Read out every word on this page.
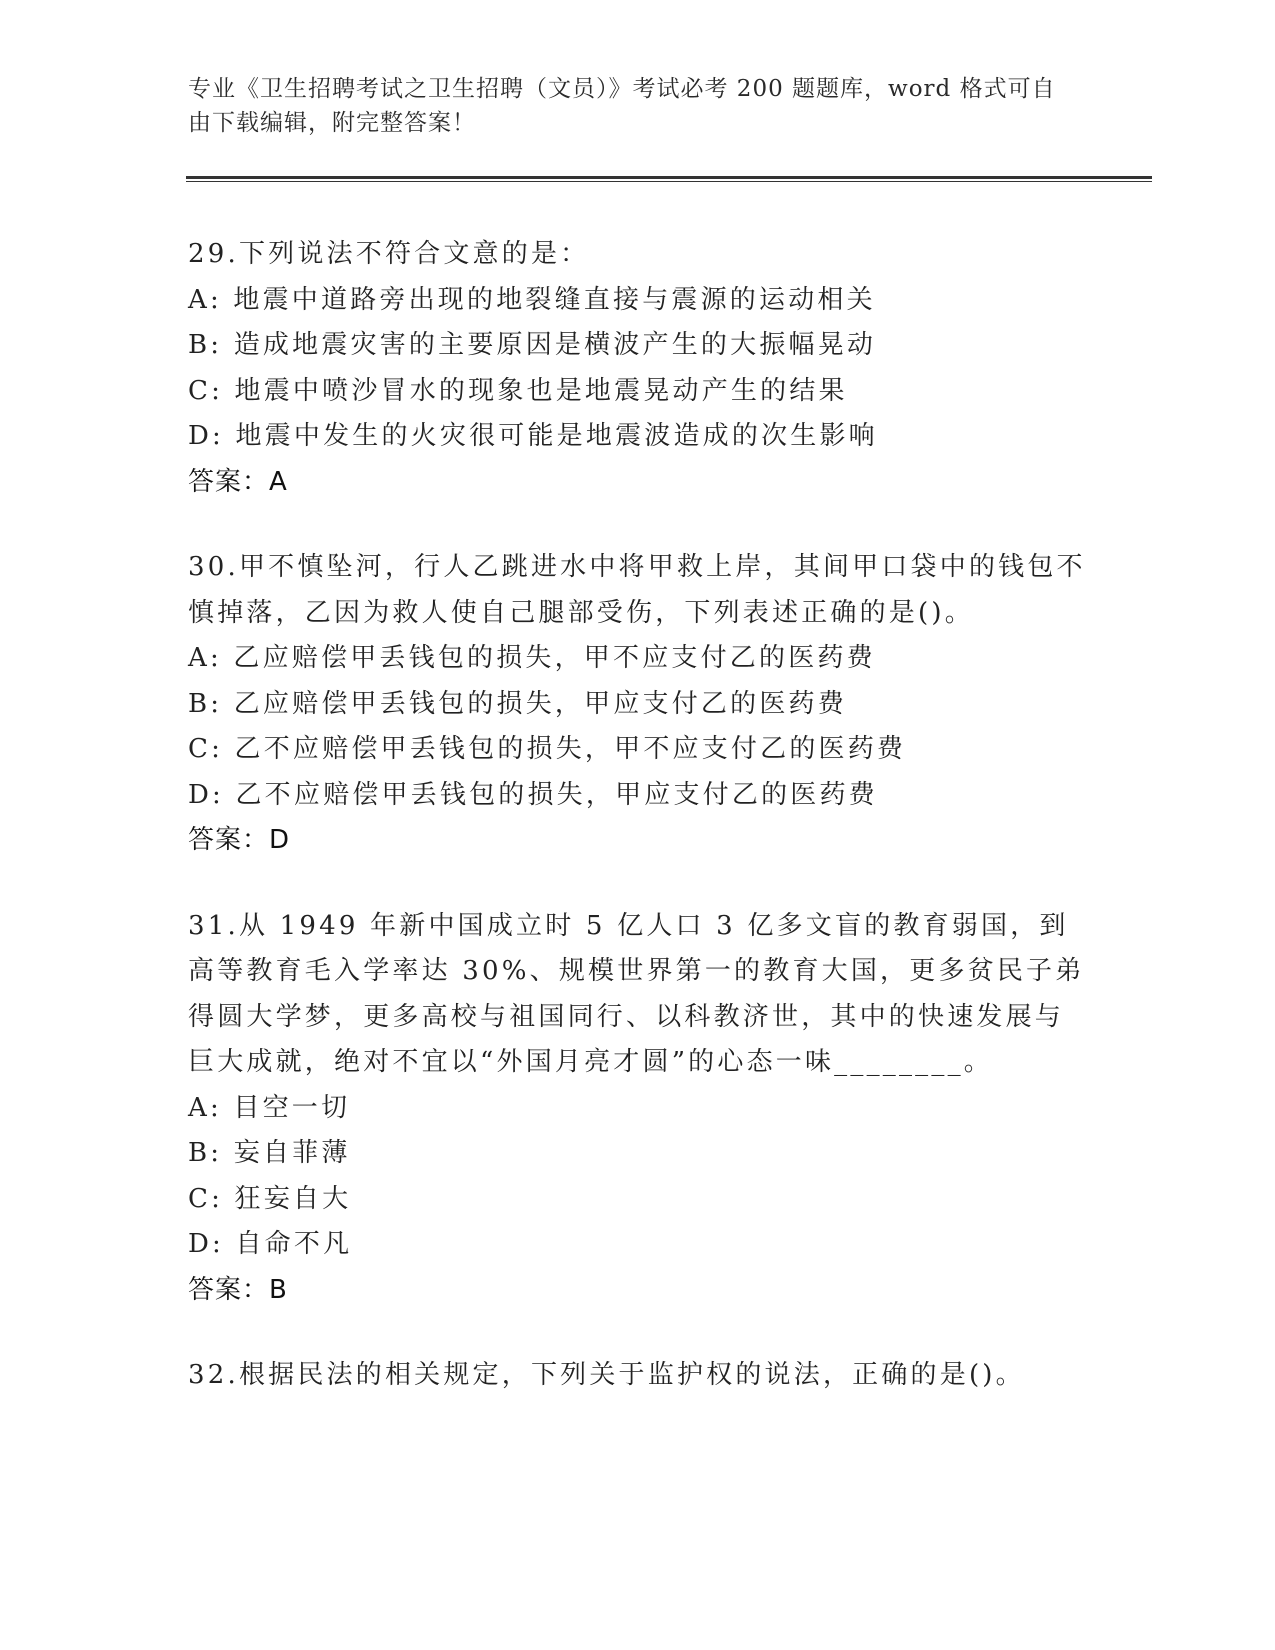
专业《卫生招聘考试之卫生招聘（文员）》考试必考 200 题题库，word 格式可自由下载编辑，附完整答案！
29.下列说法不符合文意的是：
A: 地震中道路旁出现的地裂缝直接与震源的运动相关
B: 造成地震灾害的主要原因是横波产生的大振幅晃动
C: 地震中喷沙冒水的现象也是地震晃动产生的结果
D: 地震中发生的火灾很可能是地震波造成的次生影响
答案：A
30.甲不慎坠河，行人乙跳进水中将甲救上岸，其间甲口袋中的钱包不慎掉落，乙因为救人使自己腿部受伤，下列表述正确的是()。
A: 乙应赔偿甲丢钱包的损失，甲不应支付乙的医药费
B: 乙应赔偿甲丢钱包的损失，甲应支付乙的医药费
C: 乙不应赔偿甲丢钱包的损失，甲不应支付乙的医药费
D: 乙不应赔偿甲丢钱包的损失，甲应支付乙的医药费
答案：D
31.从 1949 年新中国成立时 5 亿人口 3 亿多文盲的教育弱国，到高等教育毛入学率达 30%、规模世界第一的教育大国，更多贫民子弟得圆大学梦，更多高校与祖国同行、以科教济世，其中的快速发展与巨大成就，绝对不宜以“外国月亮才圆”的心态一味________。
A: 目空一切
B: 妄自菲薄
C: 狂妄自大
D: 自命不凡
答案：B
32.根据民法的相关规定，下列关于监护权的说法，正确的是()。
